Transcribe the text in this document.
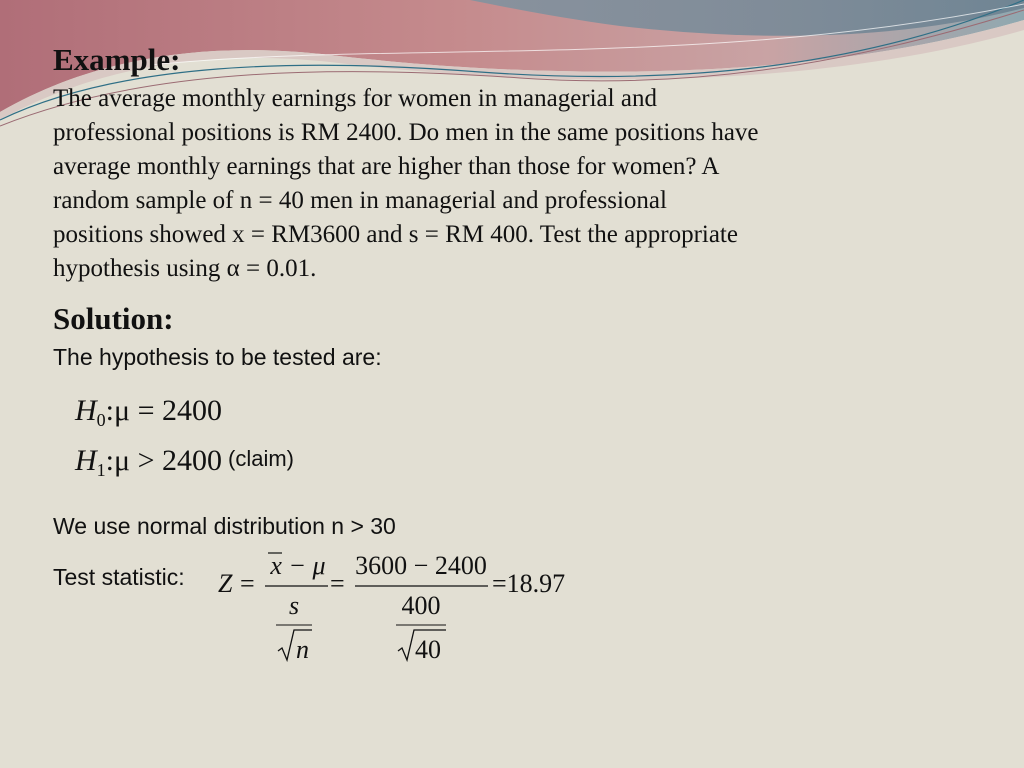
Example:

The average monthly earnings for women in managerial and
professional positions is RM 2400. Do men in the same positions have
average monthly earnings that are higher than those for women? A
random sample of n = 40 men in managerial and professional
positions showed x = RM3600 and s = RM 400. Test the appropriate
hypothesis using α = 0.01.

Solution:
The hypothesis to be tested are:
$H_0:\mu = 2400$
$H_1:\mu > 2400$ (claim)
We use normal distribution n > 30
Test statistic: Z =
x − μ
s
n
=
3600 − 2400
400
40
=18.97
